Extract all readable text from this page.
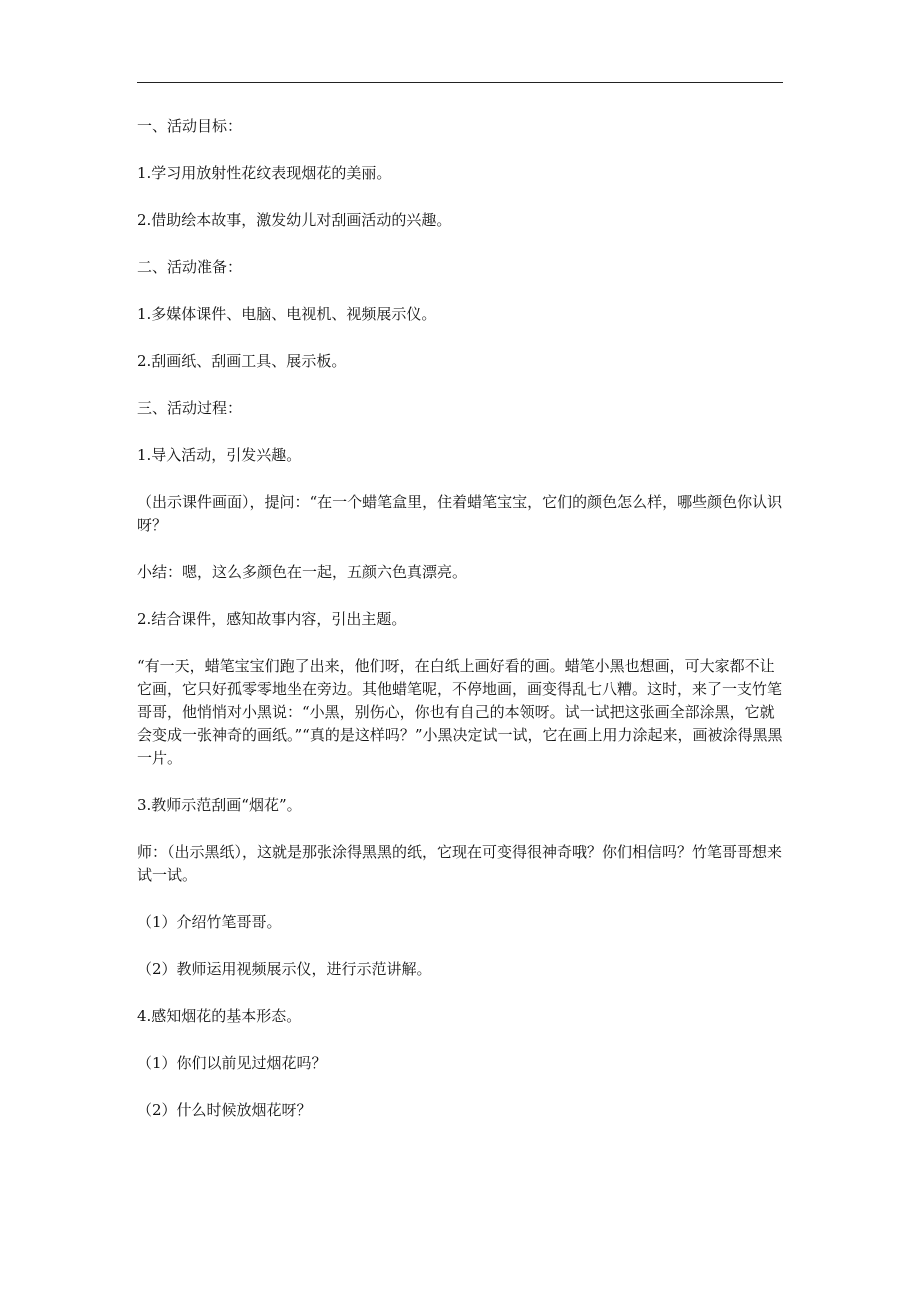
一、活动目标：

1.学习用放射性花纹表现烟花的美丽。

2.借助绘本故事，激发幼儿对刮画活动的兴趣。

二、活动准备：

1.多媒体课件、电脑、电视机、视频展示仪。

2.刮画纸、刮画工具、展示板。

三、活动过程：

1.导入活动，引发兴趣。

（出示课件画面），提问：“在一个蜡笔盒里，住着蜡笔宝宝，它们的颜色怎么样，哪些颜色你认识呀？

小结：嗯，这么多颜色在一起，五颜六色真漂亮。

2.结合课件，感知故事内容，引出主题。

“有一天，蜡笔宝宝们跑了出来，他们呀，在白纸上画好看的画。蜡笔小黑也想画，可大家都不让它画，它只好孤零零地坐在旁边。其他蜡笔呢，不停地画，画变得乱七八糟。这时，来了一支竹笔哥哥，他悄悄对小黑说：“小黑，别伤心，你也有自己的本领呀。试一试把这张画全部涂黑，它就会变成一张神奇的画纸。”“真的是这样吗？”小黑决定试一试，它在画上用力涂起来，画被涂得黑黑一片。

3.教师示范刮画“烟花”。

师：（出示黑纸），这就是那张涂得黑黑的纸，它现在可变得很神奇哦？你们相信吗？竹笔哥哥想来试一试。

（1）介绍竹笔哥哥。

（2）教师运用视频展示仪，进行示范讲解。

4.感知烟花的基本形态。

（1）你们以前见过烟花吗？

（2）什么时候放烟花呀？
